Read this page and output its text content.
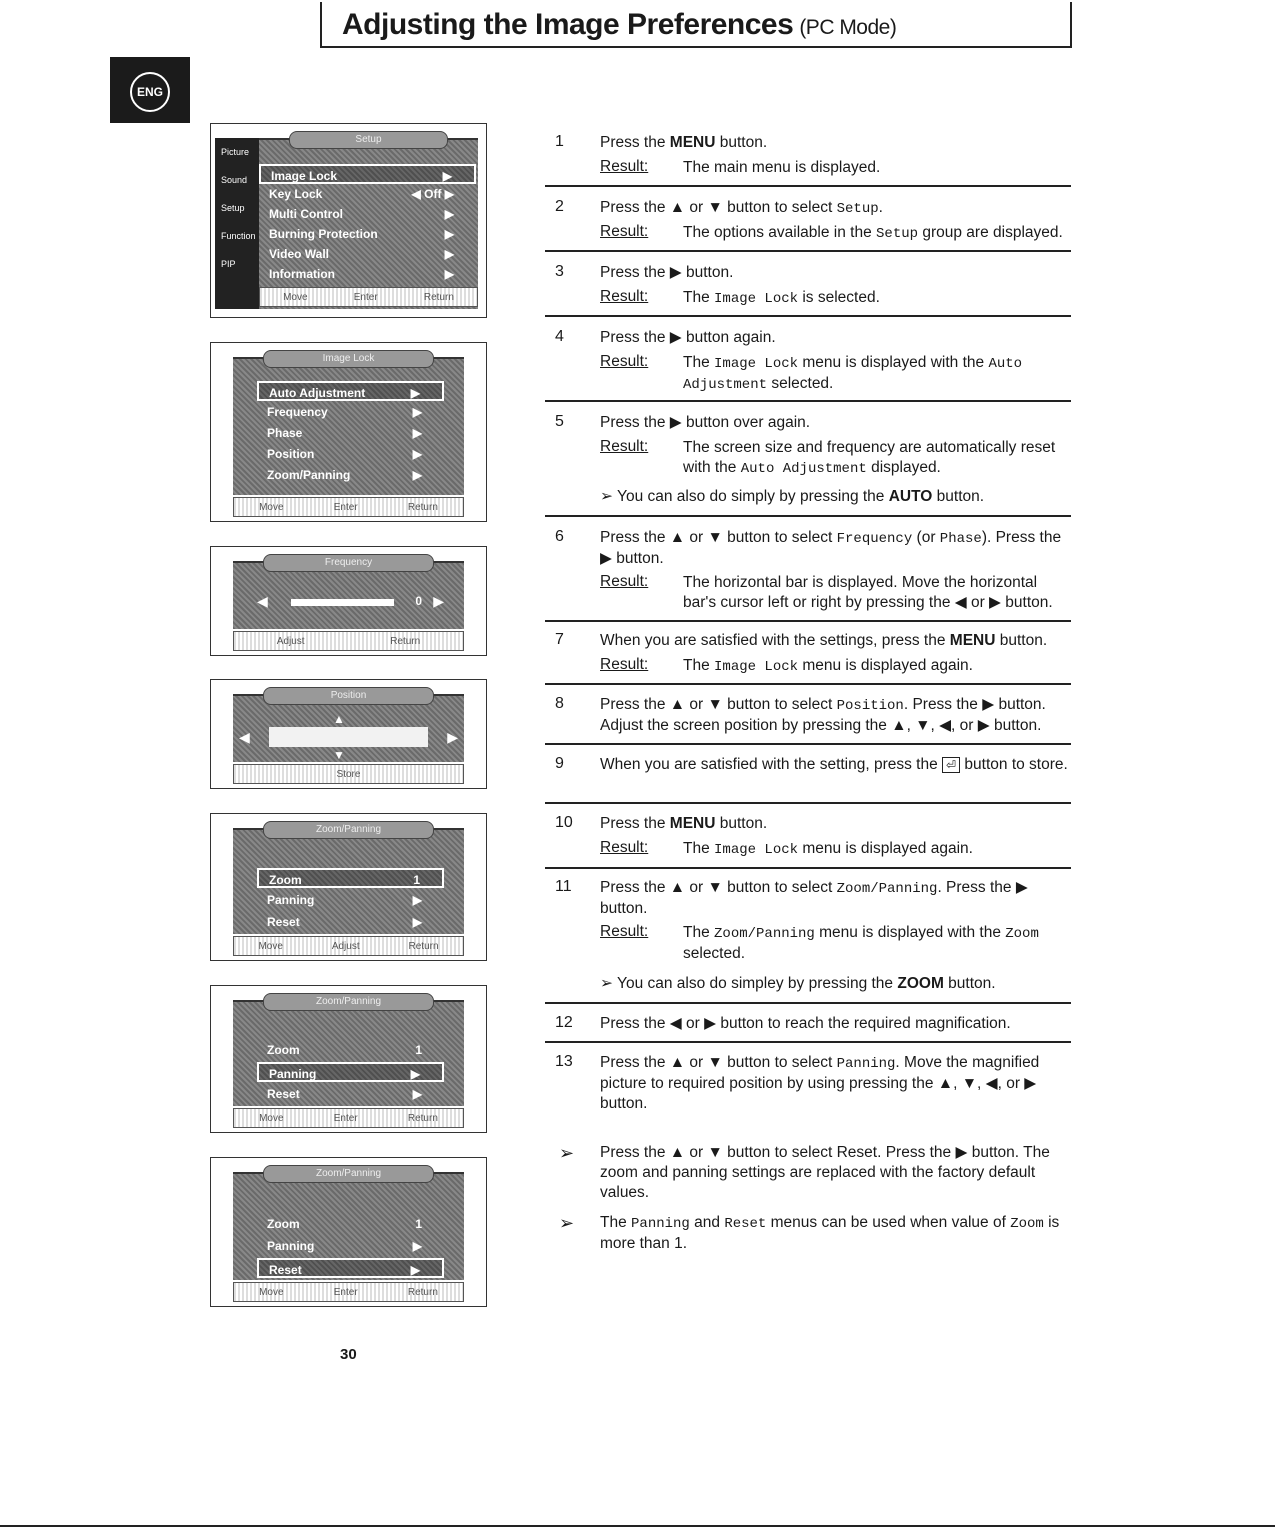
Adjusting the Image Preferences (PC Mode)
ENG
Picture
Sound
Setup
Function
PIP
Setup
Image Lock	▶
Key Lock	◀ Off ▶
Multi Control	▶
Burning Protection	▶
Video Wall	▶
Information	▶
Move	Enter	Return
Image Lock
Auto Adjustment	▶
Frequency	▶
Phase	▶
Position	▶
Zoom/Panning	▶
Move	Enter	Return
Frequency
◀	0 ▶
Adjust	Return
Position
▲
◀	▶
▼
Store
Zoom/Panning
Zoom	1
Panning	▶
Reset	▶
Move	Adjust	Return
Zoom/Panning
Zoom	1
Panning	▶
Reset	▶
Move	Enter	Return
Zoom/Panning
Zoom	1
Panning	▶
Reset	▶
Move	Enter	Return
1 Press the MENU button.
Result: The main menu is displayed.
2 Press the ▲ or ▼ button to select Setup.
Result: The options available in the Setup group are displayed.
3 Press the ▶ button.
Result: The Image Lock is selected.
4 Press the ▶ button again.
Result: The Image Lock menu is displayed with the Auto Adjustment selected.
5 Press the ▶ button over again.
Result: The screen size and frequency are automatically reset with the Auto Adjustment displayed.
➢ You can also do simply by pressing the AUTO button.
6 Press the ▲ or ▼ button to select Frequency (or Phase). Press the ▶ button.
Result: The horizontal bar is displayed. Move the horizontal bar's cursor left or right by pressing the ◀ or ▶ button.
7 When you are satisfied with the settings, press the MENU button.
Result: The Image Lock menu is displayed again.
8 Press the ▲ or ▼ button to select Position. Press the ▶ button. Adjust the screen position by pressing the ▲, ▼, ◀, or ▶ button.
9 When you are satisfied with the setting, press the ⏎ button to store.
10 Press the MENU button.
Result: The Image Lock menu is displayed again.
11 Press the ▲ or ▼ button to select Zoom/Panning. Press the ▶ button.
Result: The Zoom/Panning menu is displayed with the Zoom selected.
➢ You can also do simpley by pressing the ZOOM button.
12 Press the ◀ or ▶ button to reach the required magnification.
13 Press the ▲ or ▼ button to select Panning. Move the magnified picture to required position by using pressing the ▲, ▼, ◀, or ▶ button.
➢ Press the ▲ or ▼ button to select Reset. Press the ▶ button. The zoom and panning settings are replaced with the factory default values.
➢ The Panning and Reset menus can be used when value of Zoom is more than 1.
30
